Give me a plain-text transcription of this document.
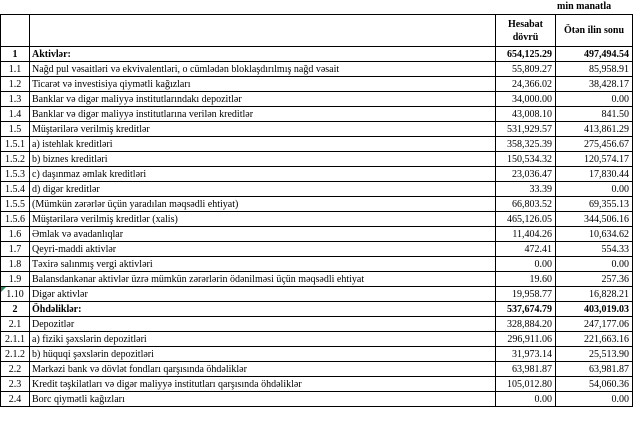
min manatla
		Hesabat dövrü	Ötən ilin sonu
1	Aktivlər:	654,125.29	497,494.54
1.1	Nağd pul vəsaitləri və ekvivalentləri, o cümlədən bloklaşdırılmış nağd vəsait	55,809.27	85,958.91
1.2	Ticarət və investisiya qiymətli kağızları	24,366.02	38,428.17
1.3	Banklar və digər maliyyə institutlarındakı depozitlər	34,000.00	0.00
1.4	Banklar və digər maliyyə institutlarına verilən kreditlər	43,008.10	841.50
1.5	Müştərilərə verilmiş kreditlər	531,929.57	413,861.29
1.5.1	a) istehlak kreditləri	358,325.39	275,456.67
1.5.2	b) biznes kreditləri	150,534.32	120,574.17
1.5.3	c) daşınmaz əmlak kreditləri	23,036.47	17,830.44
1.5.4	d) digər kreditlər	33.39	0.00
1.5.5	(Mümkün zərərlər üçün yaradılan məqsədli ehtiyat)	66,803.52	69,355.13
1.5.6	Müştərilərə verilmiş kreditlər (xalis)	465,126.05	344,506.16
1.6	Əmlak və avadanlıqlar	11,404.26	10,634.62
1.7	Qeyri-maddi aktivlər	472.41	554.33
1.8	Təxirə salınmış vergi aktivləri	0.00	0.00
1.9	Balansdankənar aktivlər üzrə mümkün zərərlərin ödənilməsi üçün məqsədli ehtiyat	19.60	257.36

1.10	Digər aktivlər	19,958.77	16,828.21
2	Öhdəliklər:	537,674.79	403,019.03
2.1	Depozitlər	328,884.20	247,177.06
2.1.1	a) fiziki şəxslərin depozitləri	296,911.06	221,663.16
2.1.2	b) hüquqi şəxslərin depozitləri	31,973.14	25,513.90
2.2	Mərkəzi bank və dövlət fondları qarşısında öhdəliklər	63,981.87	63,981.87
2.3	Kredit təşkilatları və digər maliyyə institutları qarşısında öhdəliklər	105,012.80	54,060.36
2.4	Borc qiymətli kağızları	0.00	0.00
